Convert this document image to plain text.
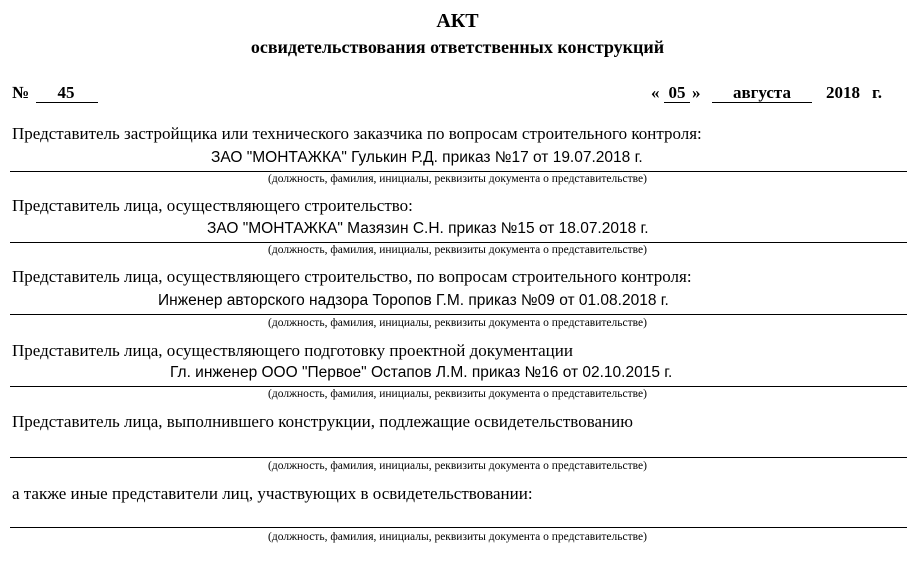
АКТ
освидетельствования ответственных конструкций
№	45	« 05 »	августа	2018 г.
Представитель застройщика или технического заказчика по вопросам строительного контроля:
ЗАО "МОНТАЖКА" Гулькин Р.Д. приказ №17 от 19.07.2018 г.
(должность, фамилия, инициалы, реквизиты документа о представительстве)
Представитель лица, осуществляющего строительство:
ЗАО "МОНТАЖКА" Мазязин С.Н. приказ №15 от 18.07.2018 г.
(должность, фамилия, инициалы, реквизиты документа о представительстве)
Представитель лица, осуществляющего строительство, по вопросам строительного контроля:
Инженер авторского надзора Торопов Г.М. приказ №09 от 01.08.2018 г.
(должность, фамилия, инициалы, реквизиты документа о представительстве)
Представитель лица, осуществляющего подготовку проектной документации
Гл. инженер ООО "Первое" Остапов Л.М. приказ №16 от 02.10.2015 г.
(должность, фамилия, инициалы, реквизиты документа о представительстве)
Представитель лица, выполнившего конструкции, подлежащие освидетельствованию
(должность, фамилия, инициалы, реквизиты документа о представительстве)
а также иные представители лиц, участвующих в освидетельствовании:
(должность, фамилия, инициалы, реквизиты документа о представительстве)
